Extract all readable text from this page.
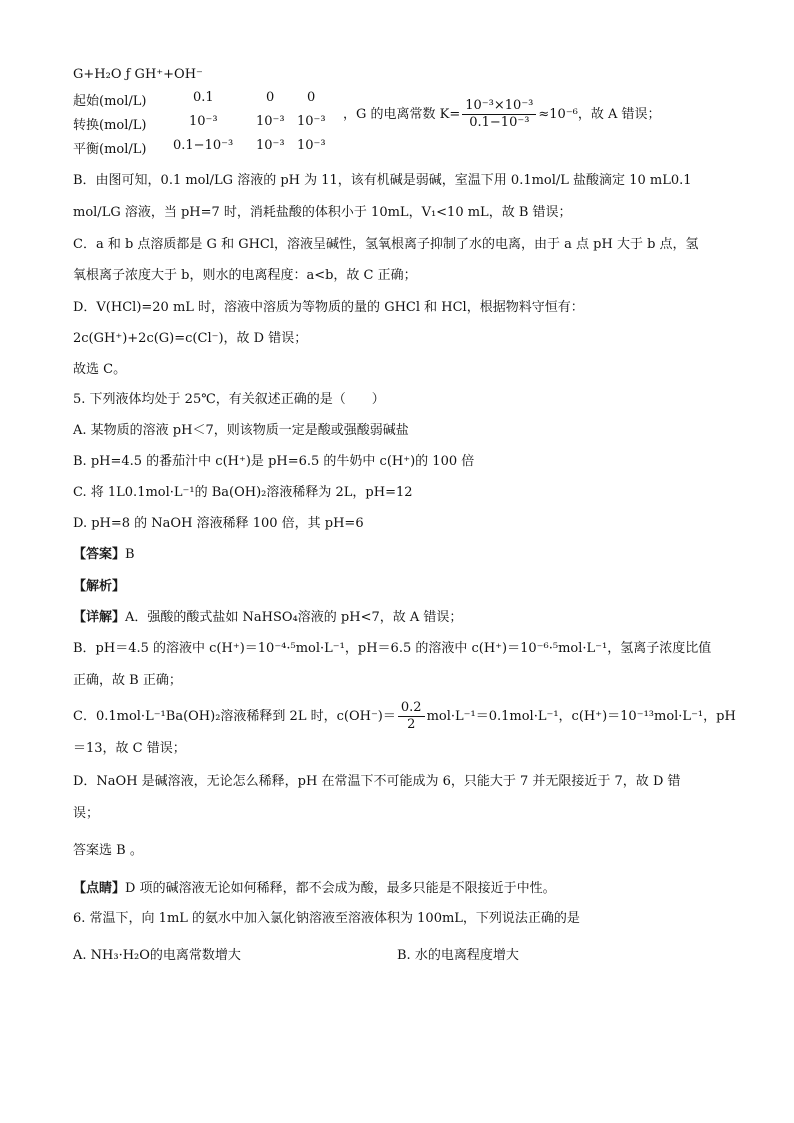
G+H₂O ƒ GH⁺+OH⁻
起始(mol/L)	0.1	0	0
转换(mol/L)	10⁻³	10⁻³ 10⁻³
平衡(mol/L) 0.1−10⁻³ 10⁻³ 10⁻³
，G 的电离常数 $K= \frac{\text{10⁻³×10⁻³}}{\text{0.1−10⁻³}} \approx 10^{-6}$，故 A 错误；
B．由图可知，0.1 mol/LG 溶液的 pH 为 11，该有机碱是弱碱，室温下用 0.1mol/L 盐酸滴定 10 mL0.1
mol/LG 溶液，当 pH=7 时，消耗盐酸的体积小于 10mL，V₁<10 mL，故 B 错误；
C．a 和 b 点溶质都是 G 和 GHCl，溶液呈碱性，氢氧根离子抑制了水的电离，由于 a 点 pH 大于 b 点，氢
氧根离子浓度大于 b，则水的电离程度：a<b，故 C 正确；
D．V(HCl)=20 mL 时，溶液中溶质为等物质的量的 GHCl 和 HCl，根据物料守恒有：
2c(GH⁺)+2c(G)=c(Cl⁻)，故 D 错误；
故选 C。
5. 下列液体均处于 25℃，有关叙述正确的是（　　）
A. 某物质的溶液 pH＜7，则该物质一定是酸或强酸弱碱盐
B. pH=4.5 的番茄汁中 c(H⁺)是 pH=6.5 的牛奶中 c(H⁺)的 100 倍
C. 将 1L0.1mol·L⁻¹的 Ba(OH)₂溶液稀释为 2L，pH=12
D. pH=8 的 NaOH 溶液稀释 100 倍，其 pH=6
【答案】B
【解析】
【详解】A．强酸的酸式盐如 NaHSO₄溶液的 pH<7，故 A 错误；
B．pH＝4.5 的溶液中 c(H⁺)＝10⁻⁴·⁵mol·L⁻¹，pH＝6.5 的溶液中 c(H⁺)＝10⁻⁶·⁵mol·L⁻¹，氢离子浓度比值
正确，故 B 正确；
C．0.1mol·L⁻¹Ba(OH)₂溶液稀释到 2L 时，$c(OH^-)= \frac{0.2}{2} mol\cdot L^{-1}=0.1mol\cdot L^{-1}$，c(H⁺)＝10⁻¹³mol·L⁻¹，pH
＝13，故 C 错误；
D．NaOH 是碱溶液，无论怎么稀释，pH 在常温下不可能成为 6，只能大于 7 并无限接近于 7，故 D 错
误；
答案选 B 。
【点睛】D 项的碱溶液无论如何稀释，都不会成为酸，最多只能是不限接近于中性。
6. 常温下，向 1mL 的氨水中加入氯化钠溶液至溶液体积为 100mL，下列说法正确的是
A. NH₃·H₂O的电离常数增大	B. 水的电离程度增大
